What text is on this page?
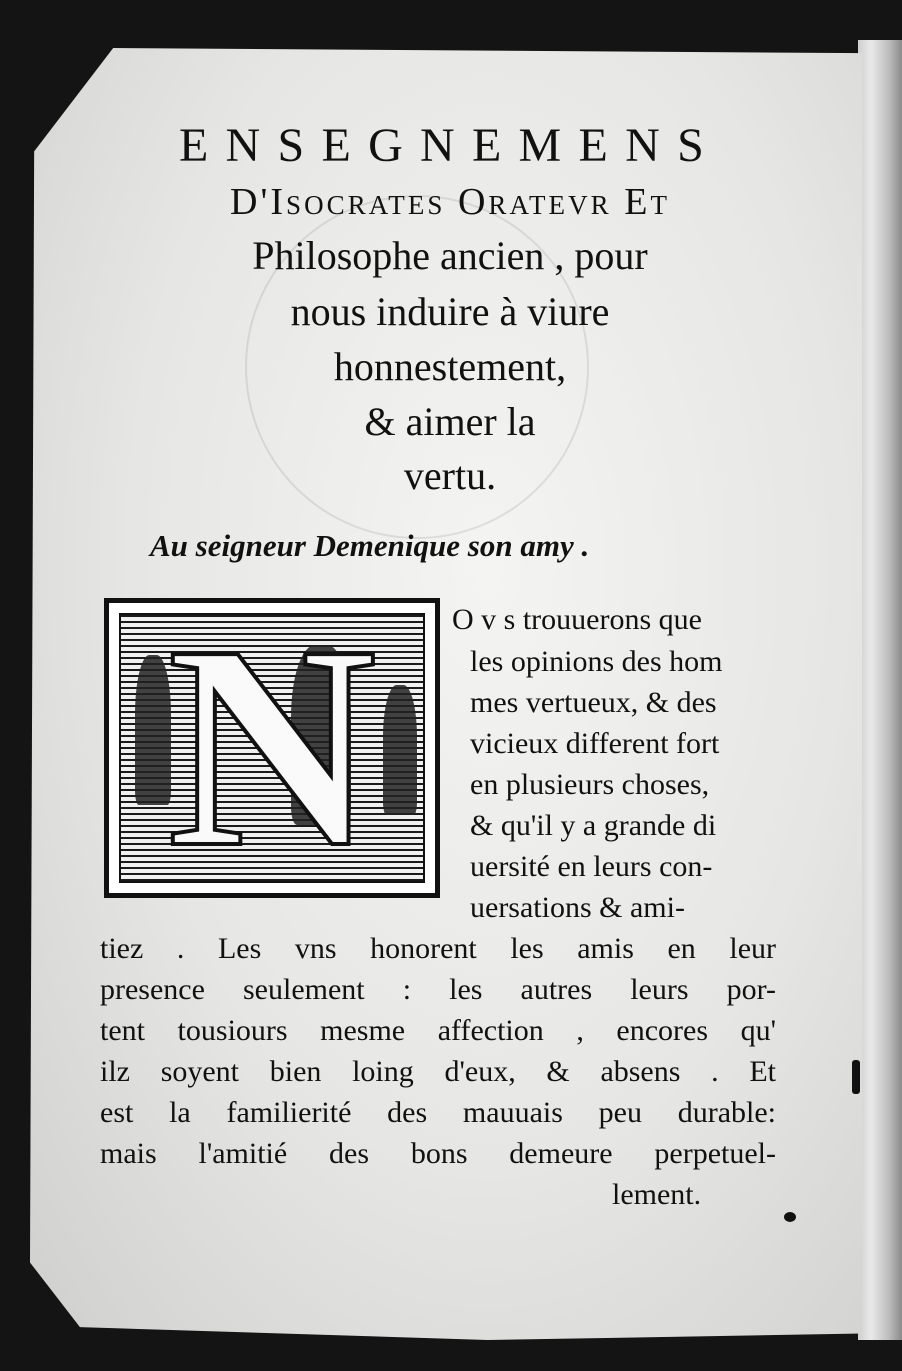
ENSEGNEMENS
D'Isocrates Oratevr Et
Philosophe ancien , pour
nous induire à viure
honnestement,
& aimer la
vertu.
Au seigneur Demenique son amy .
N	O v s trouuerons que
les opinions des hom
mes vertueux, & des
vicieux different fort
en plusieurs choses,
& qu'il y a grande di
uersité en leurs con-
uersations & ami-
tiez . Les vns honorent les amis en leur
presence seulement : les autres leurs por-
tent tousiours mesme affection , encores qu'
ilz soyent bien loing d'eux, & absens . Et
est la familierité des mauuais peu durable:
mais l'amitié des bons demeure perpetuel-
lement.
